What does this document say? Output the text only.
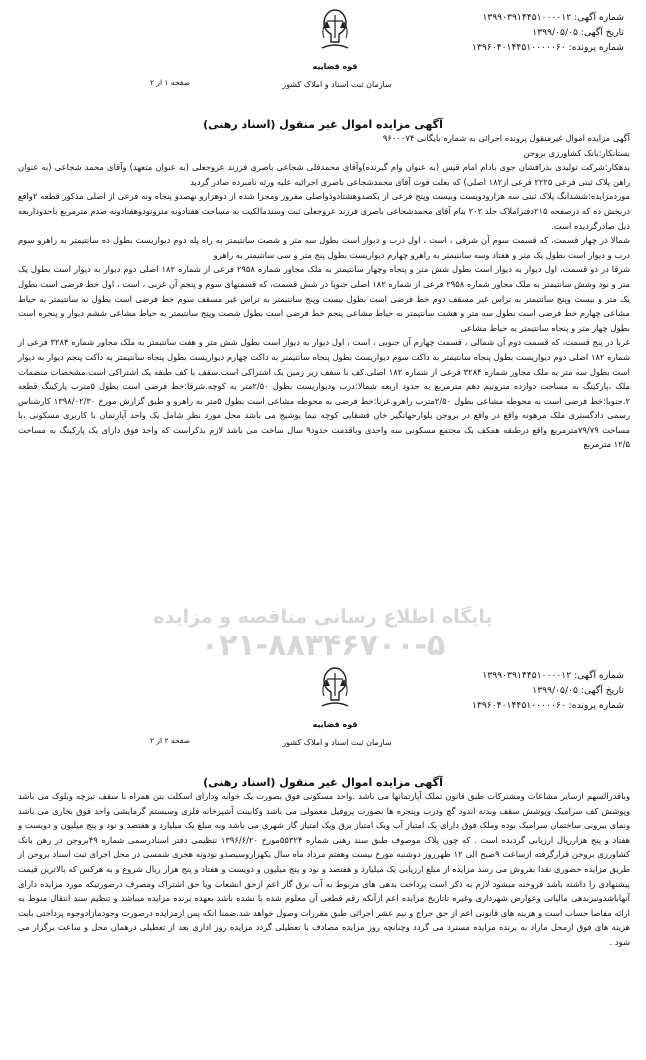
شماره آگهی: ۱۳۹۹۰۳۹۱۴۴۵۱۰۰۰۰۱۲
تاریخ آگهی: ۱۳۹۹/۰۵/۰۵
شماره پرونده: ۱۳۹۶۰۴۰۱۴۴۵۱۰۰۰۰۰۶۰
قوه قضاییه
سازمان ثبت اسناد و املاک کشور
صفحه ۱ از ۲
آگهی مزایده اموال غیر منقول (اسناد رهنی)

آگهی مزایده اموال غیرمنقول پرونده اجرائی به شماره بایگانی ۹۶۰۰۰۷۴

بستانکار:بانک کشاورزی بروجن

بدهکار:شرکت تولیدی بذرافشان جوی بادام امام قیس (به عنوان وام گیرنده)وآقای محمدقلی شجاعی باصری فرزند عروجعلی (به عنوان متعهد) وآقای محمد شجاعی (به عنوان راهن پلاک ثبتی فرعی ۲۲۲۵ فرعی از۱۸۲ اصلی) که بعلت فوت آقای محمدشجاعی باصری اجرائیه علیه ورثه نامبرده صادر گردید

موردمزایده:ششدانگ پلاک ثبتی سه هزارودویست وبیست وپنج فرعی از یکصدوهشتادودواصلی مفروز ومجزا شده از دوهزارو نهصدو پنجاه ونه فرعی از اصلی مذکور قطعه ۲واقع دربخش ده که درصفحه ۲۱۵دفتراملاک جلد ۲۰۲ بنام آقای محمدشجاعی باصری فرزند عروجعلی ثبت وسندمالکیت به مساحت هفتادونه مترونودوهفتادونه صدم مترمربع باحدوداربعه ذیل صادرگردیده است.

شمالا در چهار قسمت، که قسمت سوم آن شرقی ، است ، اول درب و دیوار است بطول سه متر و شصت سانتیمتر به راه پله دوم دیواریست بطول ده سانتیمتر به راهرو سوم درب و دیوار است بطول یک متر و هفتاد وسه سانتیمتر به راهرو چهارم دیواریست بطول پنج متر و سی سانتیمتر به راهرو

شرقا در دو قسمت، اول دیوار به دیوار است بطول شش متر و پنجاه وچهار سانتیمتر به ملک مجاور شماره ۲۹۵۸ فرعی از شماره ۱۸۲ اصلی دوم دیوار به دیوار است بطول یک متر و نود وشش سانتیمتر به ملک مجاور شماره ۲۹۵۸ فرعی از شماره ۱۸۲ اصلی جنوبا در شش قسمت، که قسمتهای سوم و پنجم آن غربی ، است ، اول خط فرضی است بطول یک متر و بیست وپنج سانتیمتر به تراس غیر مسقف دوم خط فرضی است بطول بیست وپنج سانتیمتر به تراس غیر مسقف سوم خط فرضی است بطول نه سانتیمتر به حیاط مشاعی چهارم خط فرضی است بطول سه متر و هشت سانتیمتر به حیاط مشاعی پنجم خط فرضی است بطول شصت وپنج سانتیمتر به حیاط مشاعی ششم دیوار و پنجره است بطول چهار متر و پنجاه سانتیمتر به حیاط مشاعی

غربا در پنج قسمت، که قسمت دوم آن شمالی ، قسمت چهارم آن جنوبی ، است ، اول دیوار به دیوار است بطول شش متر و هفت سانتیمتر به ملک مجاور شماره ۳۲۸۴ فرعی از شماره ۱۸۲ اصلی دوم دیواریست بطول پنجاه سانتیمتر به داکت سوم دیواریست بطول پنجاه سانتیمتر به داکت چهارم دیواریست بطول پنجاه سانتیمتر به داکت پنجم دیوار به دیوار است بطول سه متر به ملک مجاور شماره ۳۲۸۴ فرعی از شماره ۱۸۲ اصلی.کف با سقف زیر زمین یک اشتراکی است.سقف با کف طبقه یک اشتراکی است.مشخصات منضمات ملک ،پارکینگ به مساحت دوازده مترونیم دهم مترمربع به حدود اربعه شمالا:درب ودیواریست بطول ۲/۵۰متر به کوچه.شرقا:خط فرضی است بطول ۵مترب پارکینگ قطعه ۲.جنوبا:خط فرضی است به محوطه مشاعی بطول ۲/۵۰مترب راهرو.غربا:خط فرضی به محوطه مشاعی است بطول ۵متر به راهرو و طبق گزارش مورخ ۱۳۹۸/۰۲/۳۰ کارشناس رسمی دادگستری ملک مرهونه واقع در واقع در بروجن بلوارجهانگیر خان قشقایی کوچه نیما یوشیج می باشد محل مورد نظر شامل یک واحد آپارتمان با کاربری مسکونی ،با مساحت ۷۹/۷۹مترمربع واقع درطبقه همکف یک مجتمع مسکونی سه واحدی وباقدمت حدود۹ سال ساخت می باشد لازم بذکراست که واحد فوق دارای یک پارکینگ به مساحت ۱۲/۵ مترمربع

پایگاه اطلاع رسانی مناقصه و مزایده
۰۲۱-۸۸۳۴۶۷۰۰-۵
شماره آگهی: ۱۳۹۹۰۳۹۱۴۴۵۱۰۰۰۰۱۲
تاریخ آگهی: ۱۳۹۹/۰۵/۰۵
شماره پرونده: ۱۳۹۶۰۴۰۱۴۴۵۱۰۰۰۰۰۶۰
قوه قضاییه
سازمان ثبت اسناد و املاک کشور
صفحه ۲ از ۲
آگهی مزایده اموال غیر منقول (اسناد رهنی)

وباقدرالسهم ازسایر مشاعات ومشترکات طبق قانون تملک آپارتمانها می باشد .واحد مسکونی فوق بصورت یک خوابه ودارای اسکلت بتن همراه با سقف تیرچه وبلوک می باشد وپوشش کف سرامیک وپوشش سقف وبدنه اندود گچ ودرب وپنجره ها بصورت پروفیل معمولی می باشد وکابینت آشپزخانه فلزی وسیستم گرمایشی واحد فوق بخاری می باشد ونمای بیرونی ساختمان سرامیک بوده وملک فوق دارای یک امتیاز آب ویک امتیاز برق ویک امتیاز گاز شهری می باشد وبه مبلغ یک میلیارد و هفتصد و نود و پنج میلیون و دویست و هفتاد و پنج هزارریال ارزیابی گردیده است . که چون پلاک موصوف طبق سند رهنی شماره ۵۵۳۲۴مورخ ۱۳۹۶/۶/۲۰ تنظیمی دفتر اسنادرسمی شماره ۴۹بروجن در رهن بانک کشاورزی بروجن قرارگرفته ازساعت ۹صبح الی ۱۲ ظهرروز دوشنبه مورخ بیست وهفتم مرداد ماه سال یکهزاروسیصدو نودونه هجری شمسی در محل اجرای ثبت اسناد بروجن از طریق مزایده حضوری نقدا بفروش می رسد مزایده از مبلغ ارزیابی یک میلیارد و هفتصد و نود و پنج میلیون و دویست و هفتاد و پنج هزار ریال شروع و به هرکس که بالاترین قیمت پیشنهادی را داشته باشد فروخته میشود لازم به ذکر است پرداخت بدهی های مربوط به آب برق گاز اعم ازحق انشعاب ویا حق اشتراک ومصرف درصورتیکه مورد مزایده دارای آنهاباشدونیزبدهی مالیاتی وعوارض شهرداری وغیره تاتاریخ مزایده اعم ازآنکه رقم قطعی آن معلوم شده یا نشده باشد بعهده برنده مزایده میباشد و تنظیم سند انتقال منوط به ارائه مفاصا حساب است و هزینه های قانونی اعم از حق حراج و نیم عشر اجرائی طبق مقررات وصول خواهد شد.ضمنا انکه پس ازمزایده درصورت وجودمازادوجوه پرداختی بابت هزینه های فوق ازمحل مازاد به برنده مزایده مسترد می گردد وچنانچه روز مزایده مصادف با تعطیلی گردد مزایده روز اداری بعد از تعطیلی درهمان محل و ساعت برگزار می شود .
